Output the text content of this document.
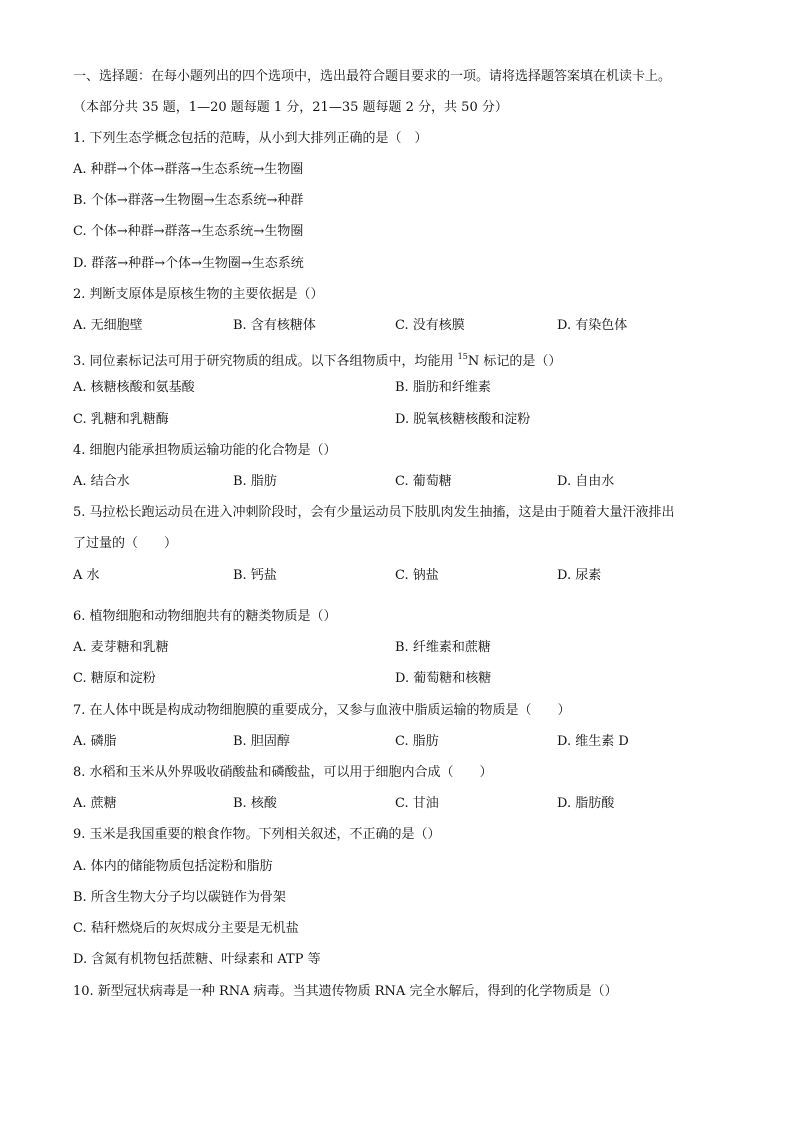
一、选择题：在每小题列出的四个选项中，选出最符合题目要求的一项。请将选择题答案填在机读卡上。
（本部分共 35 题，1—20 题每题 1 分，21—35 题每题 2 分，共 50 分）
1. 下列生态学概念包括的范畴，从小到大排列正确的是（　）
A. 种群→个体→群落→生态系统→生物圈
B. 个体→群落→生物圈→生态系统→种群
C. 个体→种群→群落→生态系统→生物圈
D. 群落→种群→个体→生物圈→生态系统
2. 判断支原体是原核生物的主要依据是（）
A. 无细胞壁	B. 含有核糖体	C. 没有核膜	D. 有染色体
3. 同位素标记法可用于研究物质的组成。以下各组物质中，均能用 $^{15}$N 标记的是（）
A. 核糖核酸和氨基酸	B. 脂肪和纤维素
C. 乳糖和乳糖酶	D. 脱氧核糖核酸和淀粉
4. 细胞内能承担物质运输功能的化合物是（）
A. 结合水	B. 脂肪	C. 葡萄糖	D. 自由水
5. 马拉松长跑运动员在进入冲刺阶段时，会有少量运动员下肢肌肉发生抽搐，这是由于随着大量汗液排出
了过量的（　　）
A 水	B. 钙盐	C. 钠盐	D. 尿素
6. 植物细胞和动物细胞共有的糖类物质是（）
A. 麦芽糖和乳糖	B. 纤维素和蔗糖
C. 糖原和淀粉	D. 葡萄糖和核糖
7. 在人体中既是构成动物细胞膜的重要成分，又参与血液中脂质运输的物质是（　　）
A. 磷脂	B. 胆固醇	C. 脂肪	D. 维生素 D
8. 水稻和玉米从外界吸收硝酸盐和磷酸盐，可以用于细胞内合成（　　）
A. 蔗糖	B. 核酸	C. 甘油	D. 脂肪酸
9. 玉米是我国重要的粮食作物。下列相关叙述，不正确的是（）
A. 体内的储能物质包括淀粉和脂肪
B. 所含生物大分子均以碳链作为骨架
C. 秸秆燃烧后的灰烬成分主要是无机盐
D. 含氮有机物包括蔗糖、叶绿素和 ATP 等
10. 新型冠状病毒是一种 RNA 病毒。当其遗传物质 RNA 完全水解后，得到的化学物质是（）
